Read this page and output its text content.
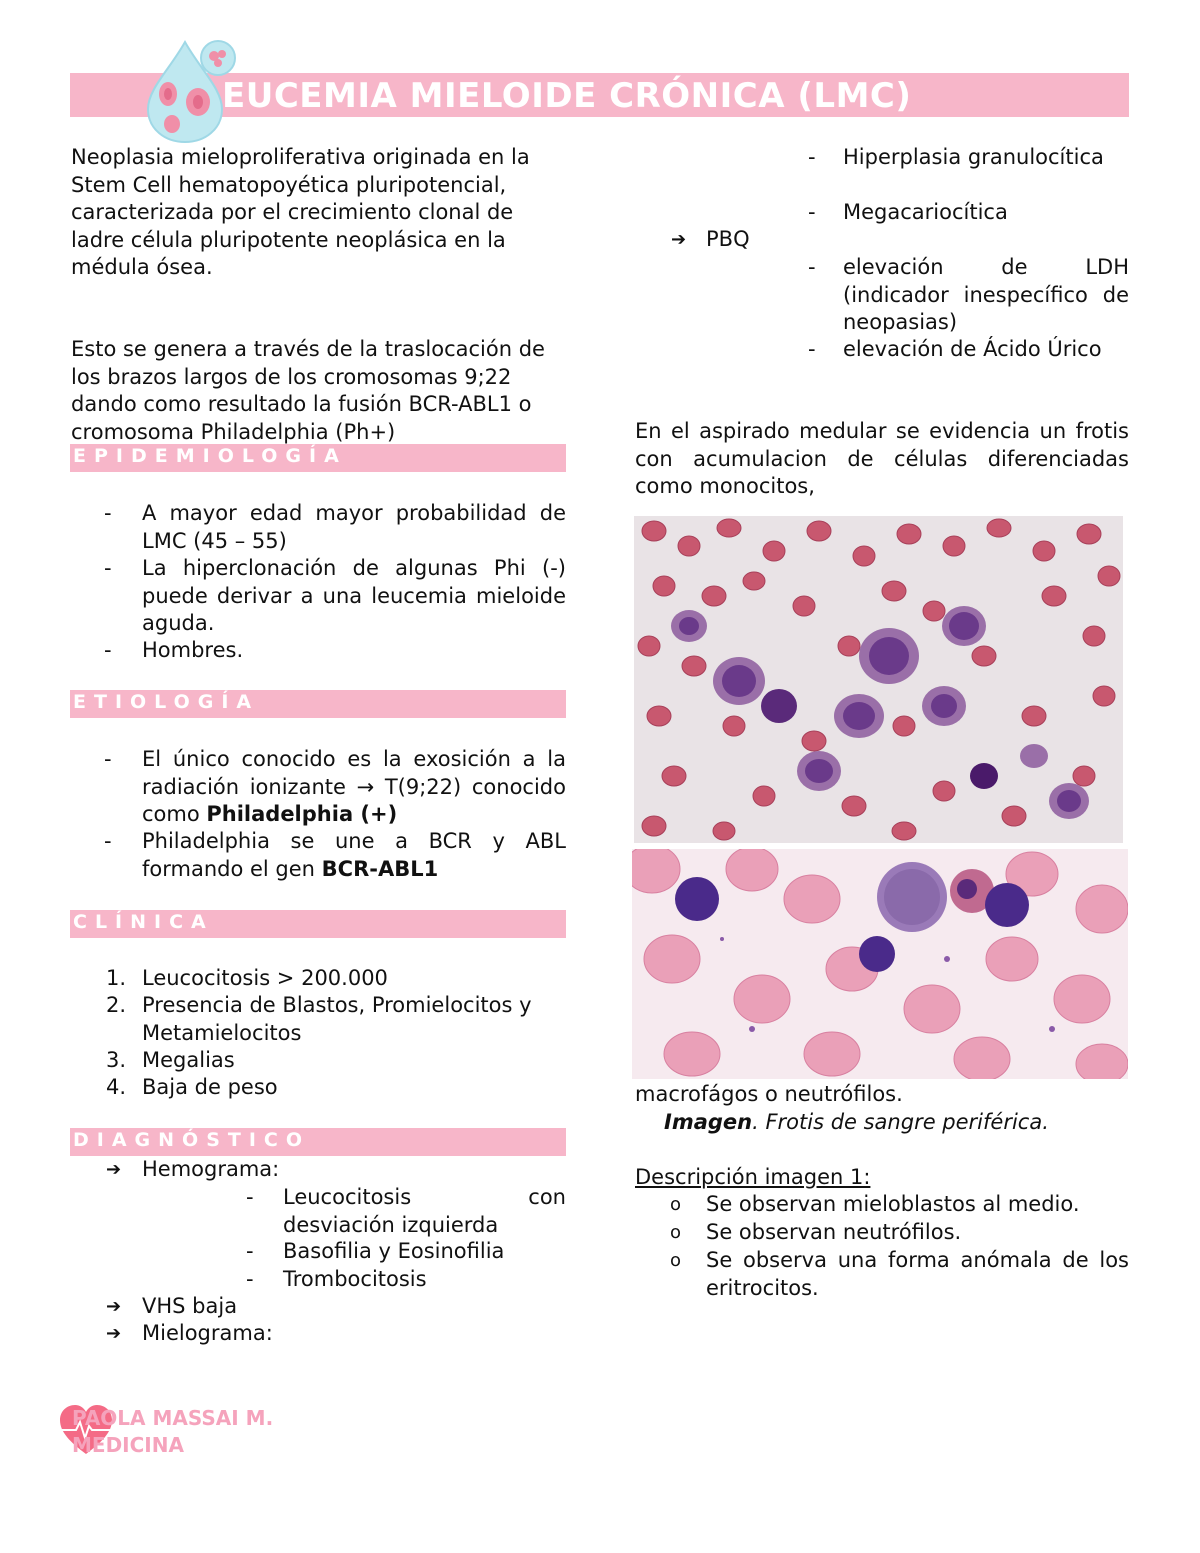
EUCEMIA MIELOIDE CRÓNICA (LMC)
Neoplasia mieloproliferativa originada en la Stem Cell hematopoyética pluripotencial, caracterizada por el crecimiento clonal de ladre célula pluripotente neoplásica en la médula ósea.
Esto se genera a través de la traslocación de los brazos largos de los cromosomas 9;22 dando como resultado la fusión BCR-ABL1 o cromosoma Philadelphia (Ph+)
EPIDEMIOLOGÍA
- A mayor edad mayor probabilidad de LMC (45 – 55)
- La hiperclonación de algunas Phi (-) puede derivar a una leucemia mieloide aguda.
- Hombres.
ETIOLOGÍA
- El único conocido es la exosición a la radiación ionizante → T(9;22) conocido como Philadelphia (+)
- Philadelphia se une a BCR y ABL formando el gen BCR-ABL1
CLÍNICA
1. Leucocitosis > 200.000
2. Presencia de Blastos, Promielocitos y Metamielocitos
3. Megalias
4. Baja de peso
DIAGNÓSTICO
➔ Hemograma:
- Leucocitosis con desviación izquierda
- Basofilia y Eosinofilia
- Trombocitosis
➔ VHS baja
➔ Mielograma:
PAOLA MASSAI M.
MEDICINA
- Hiperplasia granulocítica
- Megacariocítica
➔ PBQ
- elevación de LDH (indicador inespecífico de neopasias)
- elevación de Ácido Úrico
En el aspirado medular se evidencia un frotis con acumulacion de células diferenciadas como monocitos,
macrofágos o neutrófilos.
Imagen. Frotis de sangre periférica.
Descripción imagen 1:
o Se observan mieloblastos al medio.
o Se observan neutrófilos.
o Se observa una forma anómala de los eritrocitos.
